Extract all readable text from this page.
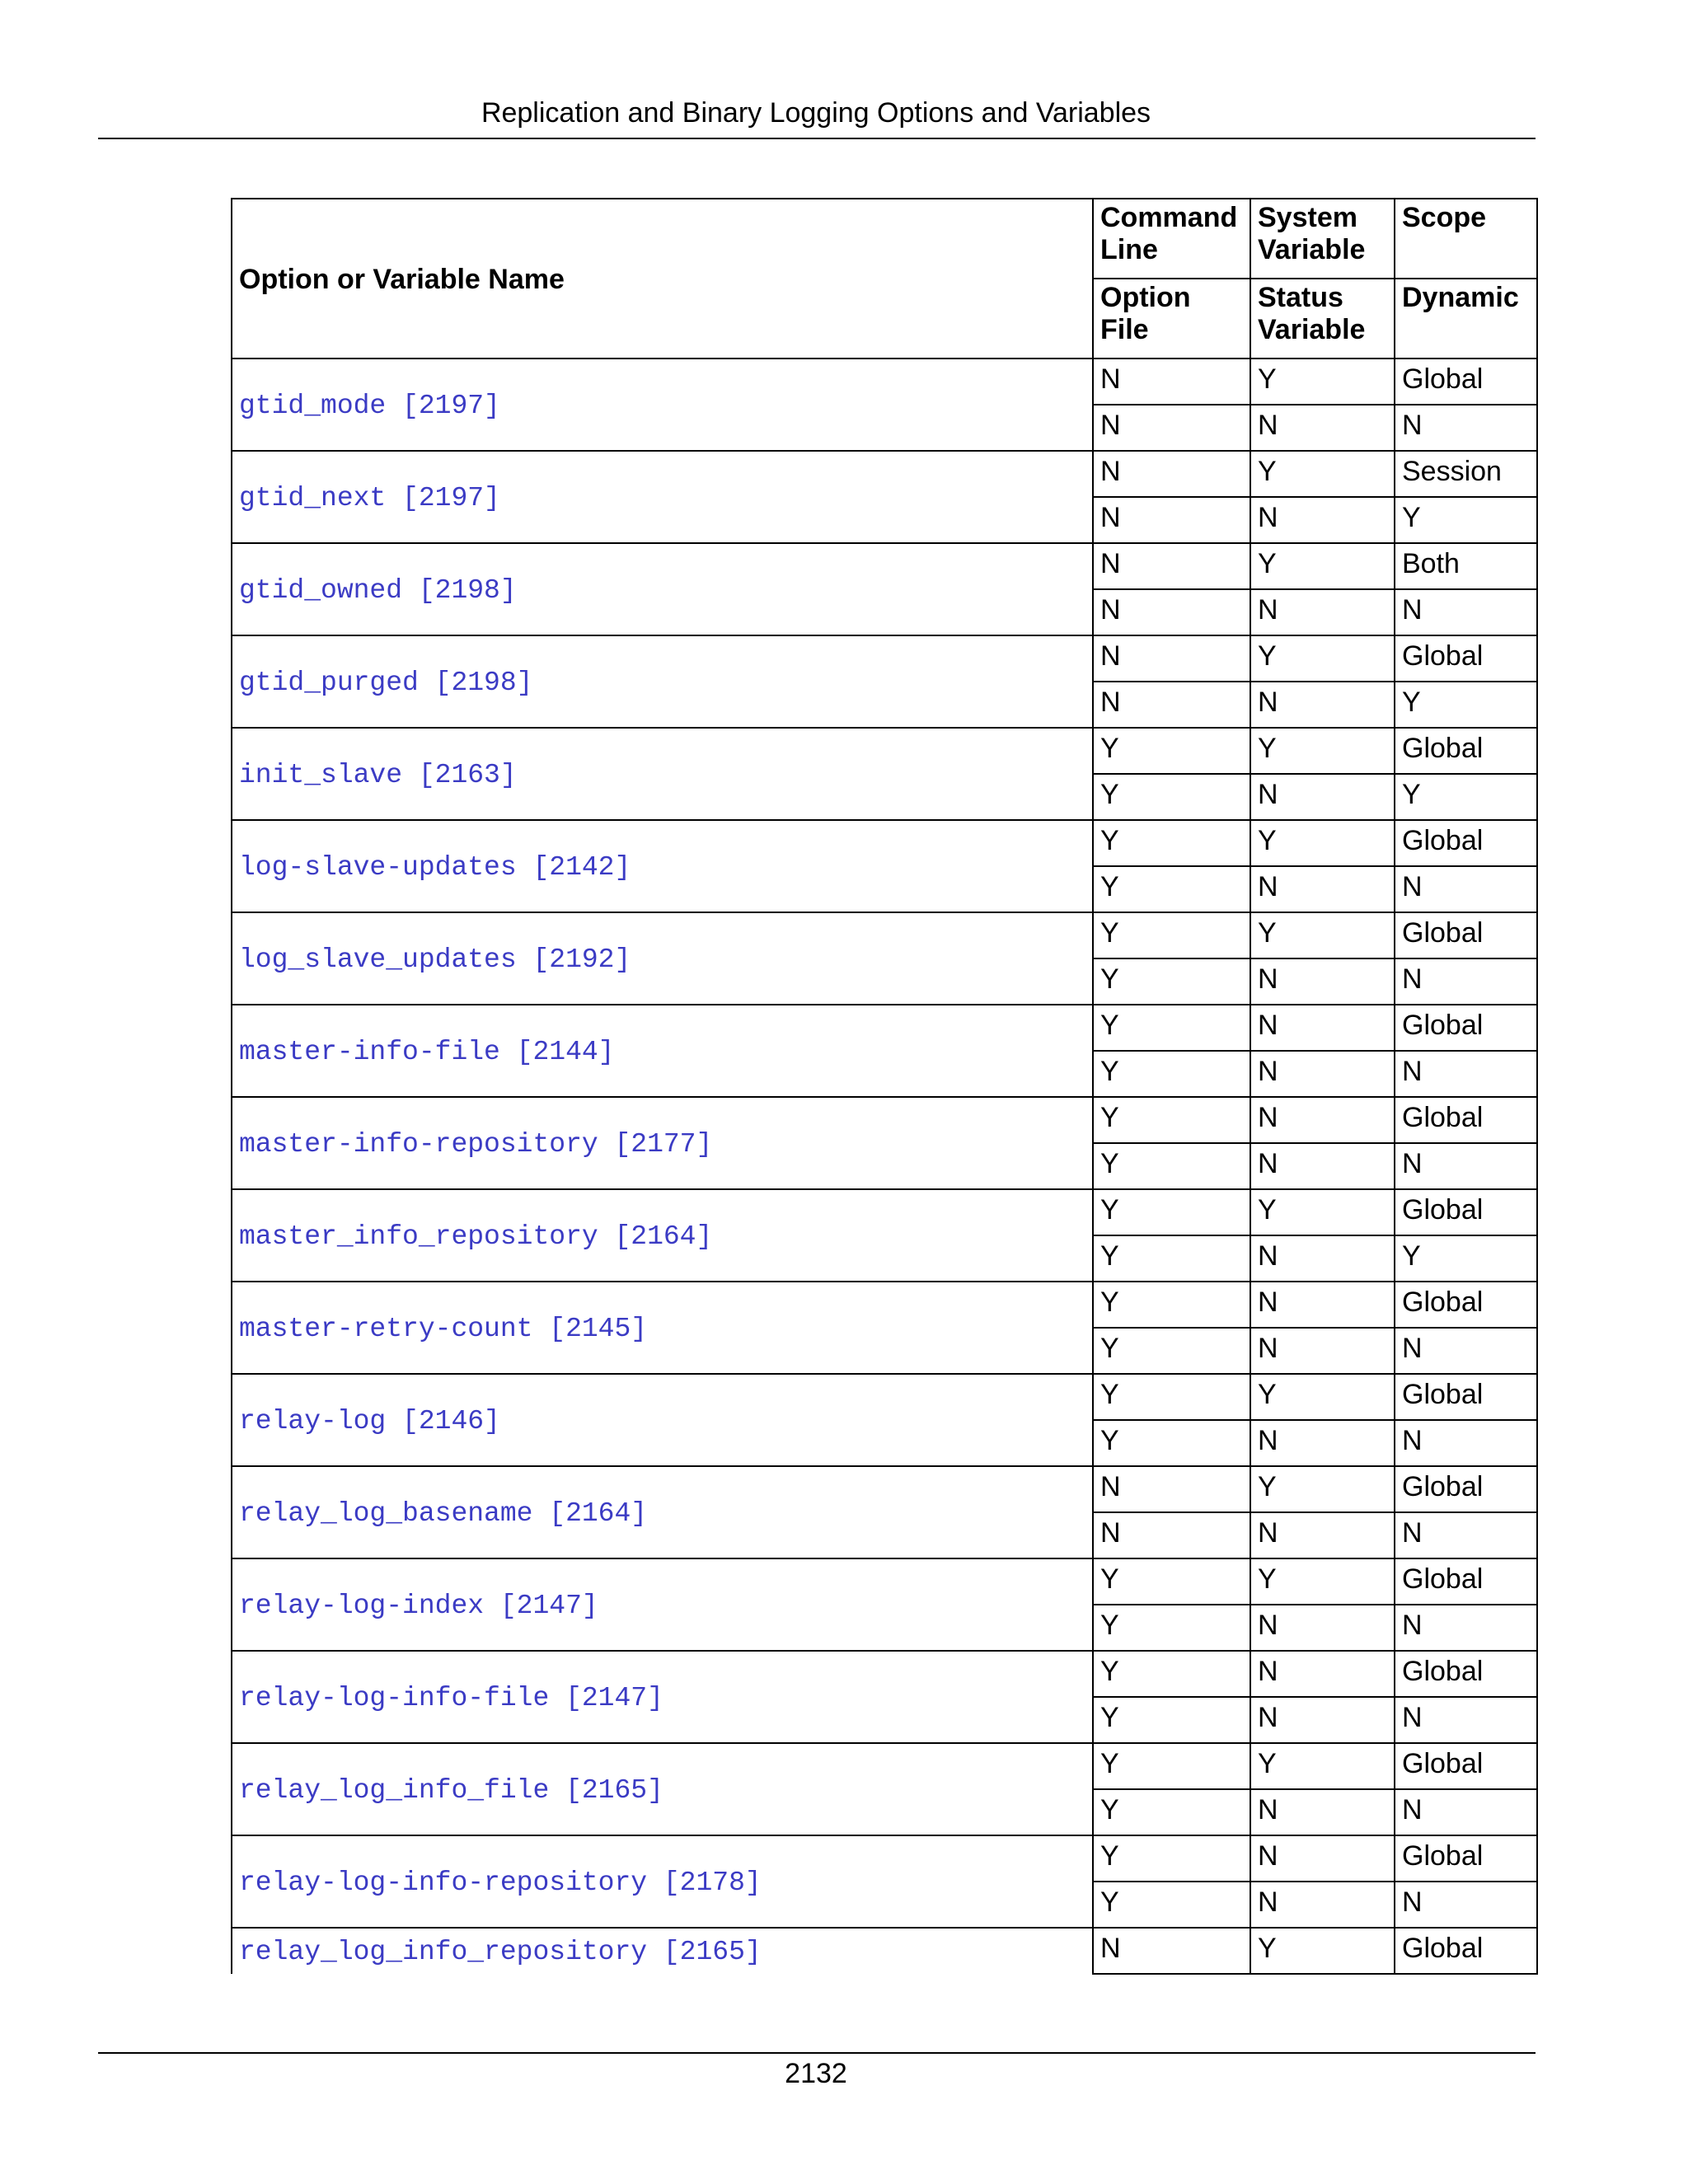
Replication and Binary Logging Options and Variables
Option or Variable Name	Command Line	System Variable	Scope
	Option File	Status Variable	Dynamic
gtid_mode [2197]	N	Y	Global
	N	N	N
gtid_next [2197]	N	Y	Session
	N	N	Y
gtid_owned [2198]	N	Y	Both
	N	N	N
gtid_purged [2198]	N	Y	Global
	N	N	Y
init_slave [2163]	Y	Y	Global
	Y	N	Y
log-slave-updates [2142]	Y	Y	Global
	Y	N	N
log_slave_updates [2192]	Y	Y	Global
	Y	N	N
master-info-file [2144]	Y	N	Global
	Y	N	N
master-info-repository [2177]	Y	N	Global
	Y	N	N
master_info_repository [2164]	Y	Y	Global
	Y	N	Y
master-retry-count [2145]	Y	N	Global
	Y	N	N
relay-log [2146]	Y	Y	Global
	Y	N	N
relay_log_basename [2164]	N	Y	Global
	N	N	N
relay-log-index [2147]	Y	Y	Global
	Y	N	N
relay-log-info-file [2147]	Y	N	Global
	Y	N	N
relay_log_info_file [2165]	Y	Y	Global
	Y	N	N
relay-log-info-repository [2178]	Y	N	Global
	Y	N	N
relay_log_info_repository [2165]	N	Y	Global
2132
